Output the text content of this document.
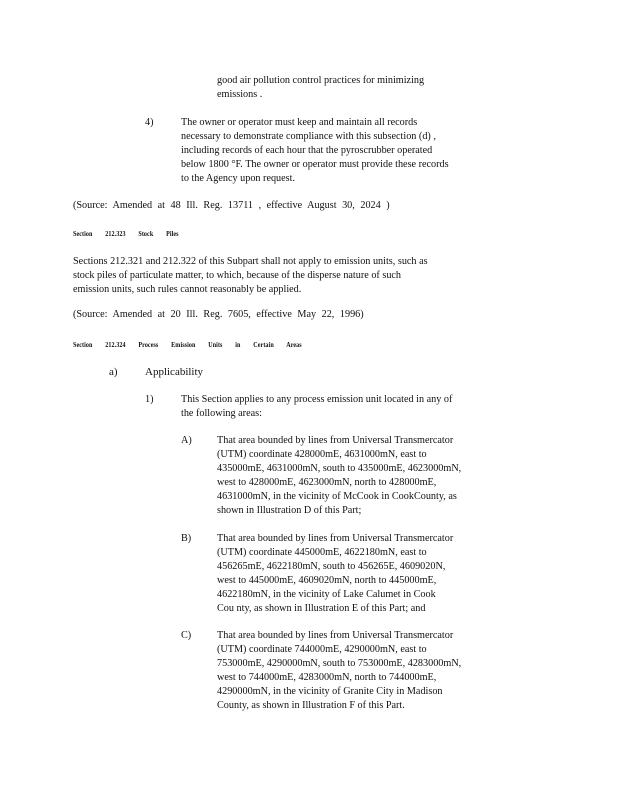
good air pollution control practices for minimizing
emissions .
4)	The owner or operator must keep and maintain all records
necessary to demonstrate compliance with this subsection (d) ,
including records of each hour that the pyroscrubber operated
below 1800 °F. The owner or operator must provide these records
to the Agency upon request.
(Source: Amended at 48 Ill. Reg. 13711 , effective August 30, 2024 )
Section 212.323 Stock Piles
Sections 212.321 and 212.322 of this Subpart shall not apply to emission units, such as
stock piles of particulate matter, to which, because of the disperse nature of such
emission units, such rules cannot reasonably be applied.
(Source: Amended at 20 Ill. Reg. 7605, effective May 22, 1996)
Section 212.324 Process Emission Units in Certain Areas
a) Applicability
1)	This Section applies to any process emission unit located in any of
the following areas:
A) That area bounded by lines from Universal Transmercator
(UTM) coordinate 428000mE, 4631000mN, east to
435000mE, 4631000mN, south to 435000mE, 4623000mN,
west to 428000mE, 4623000mN, north to 428000mE,
4631000mN, in the vicinity of McCook in CookCounty, as
shown in Illustration D of this Part;
B)	That area bounded by lines from Universal Transmercator
(UTM) coordinate 445000mE, 4622180mN, east to
456265mE, 4622180mN, south to 456265E, 4609020N,
west to 445000mE, 4609020mN, north to 445000mE,
4622180mN, in the vicinity of Lake Calumet in Cook
Cou nty, as shown in Illustration E of this Part; and
C)	That area bounded by lines from Universal Transmercator
(UTM) coordinate 744000mE, 4290000mN, east to
753000mE, 4290000mN, south to 753000mE, 4283000mN,
west to 744000mE, 4283000mN, north to 744000mE,
4290000mN, in the vicinity of Granite City in Madison
County, as shown in Illustration F of this Part.
